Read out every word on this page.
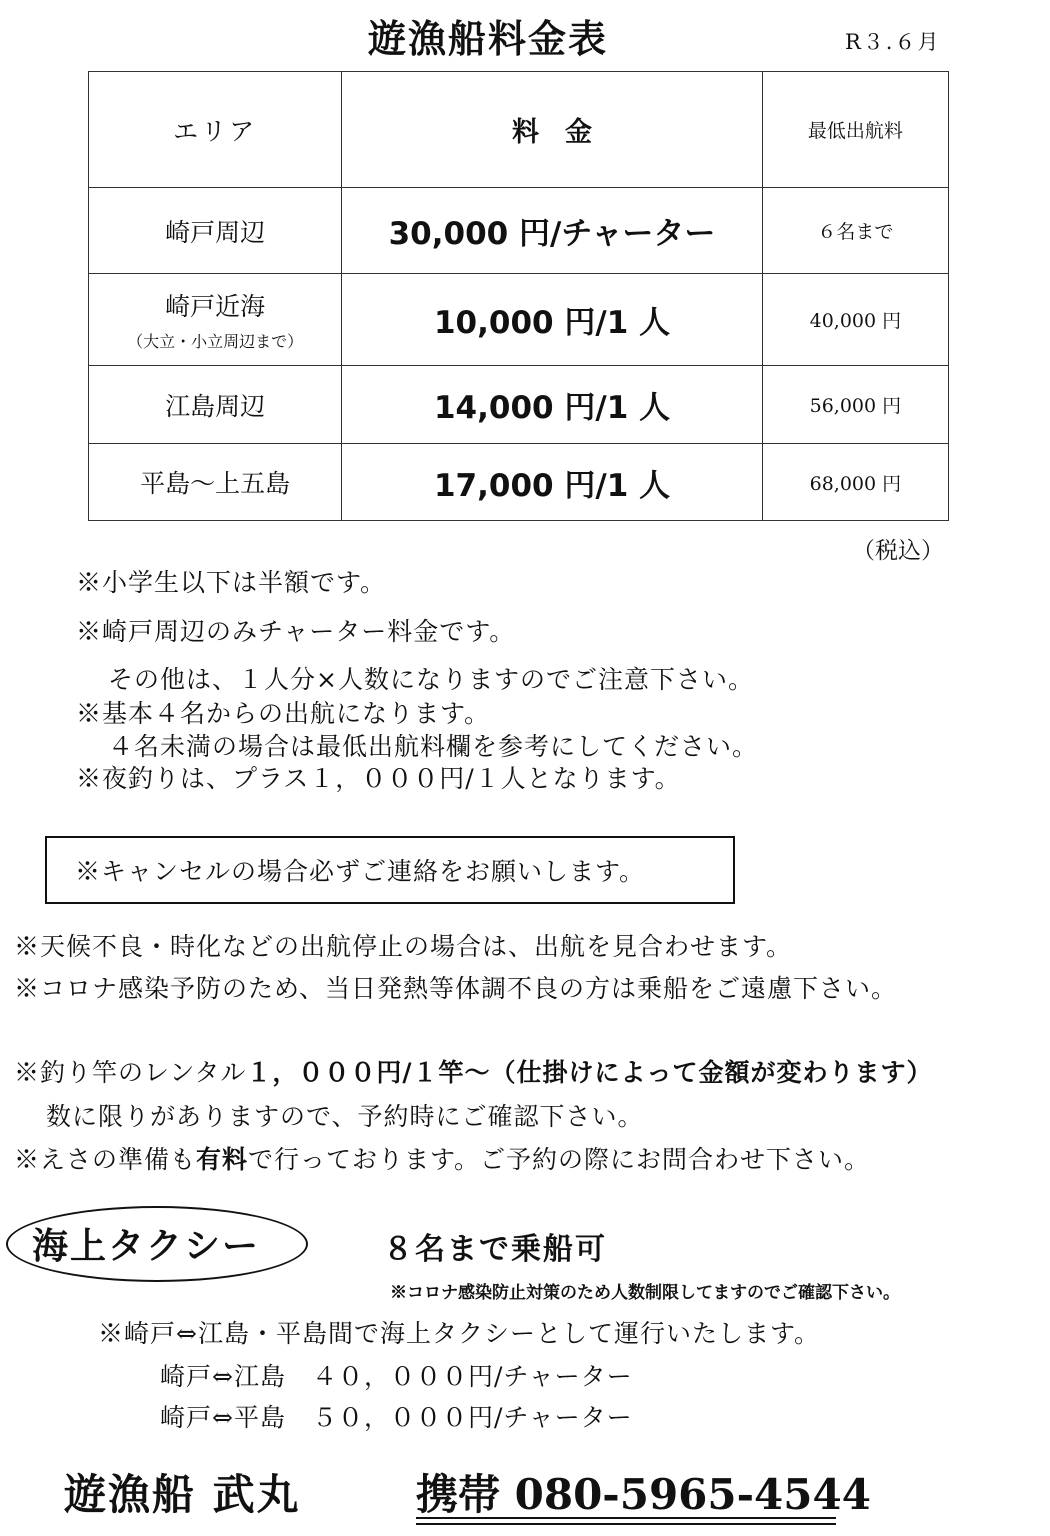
遊漁船料金表	R３.６月
エリア	料金	最低出航料

崎戸周辺	30,000 円/チャーター	６名まで

崎戸近海
（大立・小立周辺まで）	10,000 円/1 人	40,000 円

江島周辺	14,000 円/1 人	56,000 円

平島～上五島	17,000 円/1 人	68,000 円
（税込）
※小学生以下は半額です。
※崎戸周辺のみチャーター料金です。
その他は、１人分×人数になりますのでご注意下さい。
※基本４名からの出航になります。
４名未満の場合は最低出航料欄を参考にしてください。
※夜釣りは、プラス１，０００円/１人となります。
※キャンセルの場合必ずご連絡をお願いします。
※天候不良・時化などの出航停止の場合は、出航を見合わせます。
※コロナ感染予防のため、当日発熱等体調不良の方は乗船をご遠慮下さい。
※釣り竿のレンタル１，０００円/１竿～（仕掛けによって金額が変わります）
数に限りがありますので、予約時にご確認下さい。
※えさの準備も有料で行っております。ご予約の際にお問合わせ下さい。
海上タクシー	８名まで乗船可
※コロナ感染防止対策のため人数制限してますのでご確認下さい。
※崎戸⇔江島・平島間で海上タクシーとして運行いたします。
崎戸⇔江島　４０，０００円/チャーター
崎戸⇔平島　５０，０００円/チャーター
遊漁船 武丸	携帯 080-5965-4544
